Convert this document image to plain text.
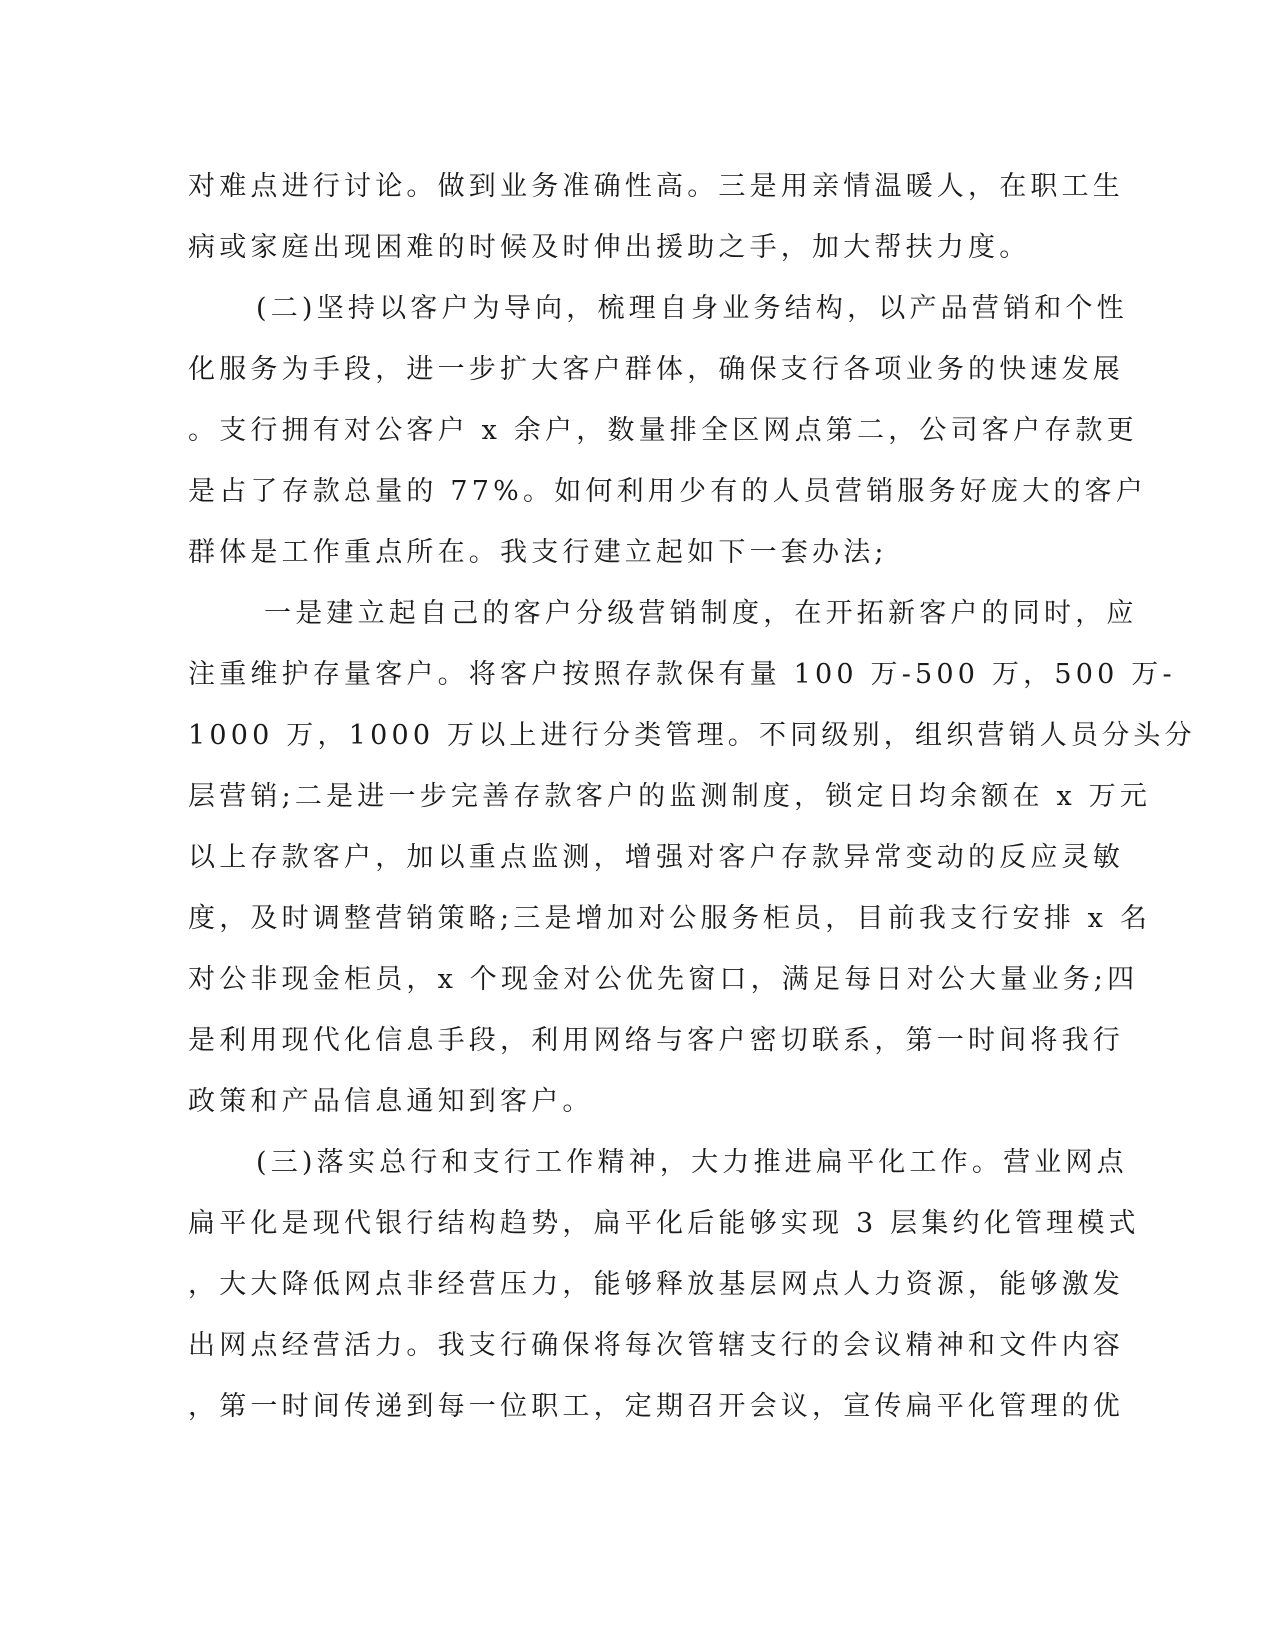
对难点进行讨论。做到业务准确性高。三是用亲情温暖人，在职工生
病或家庭出现困难的时候及时伸出援助之手，加大帮扶力度。
(二)坚持以客户为导向，梳理自身业务结构，以产品营销和个性
化服务为手段，进一步扩大客户群体，确保支行各项业务的快速发展
。支行拥有对公客户 x 余户，数量排全区网点第二，公司客户存款更
是占了存款总量的 77%。如何利用少有的人员营销服务好庞大的客户
群体是工作重点所在。我支行建立起如下一套办法;
一是建立起自己的客户分级营销制度，在开拓新客户的同时，应
注重维护存量客户。将客户按照存款保有量 100 万-500 万，500 万-
1000 万，1000 万以上进行分类管理。不同级别，组织营销人员分头分
层营销;二是进一步完善存款客户的监测制度，锁定日均余额在 x 万元
以上存款客户，加以重点监测，增强对客户存款异常变动的反应灵敏
度，及时调整营销策略;三是增加对公服务柜员，目前我支行安排 x 名
对公非现金柜员，x 个现金对公优先窗口，满足每日对公大量业务;四
是利用现代化信息手段，利用网络与客户密切联系，第一时间将我行
政策和产品信息通知到客户。
(三)落实总行和支行工作精神，大力推进扁平化工作。营业网点
扁平化是现代银行结构趋势，扁平化后能够实现 3 层集约化管理模式
，大大降低网点非经营压力，能够释放基层网点人力资源，能够激发
出网点经营活力。我支行确保将每次管辖支行的会议精神和文件内容
，第一时间传递到每一位职工，定期召开会议，宣传扁平化管理的优
